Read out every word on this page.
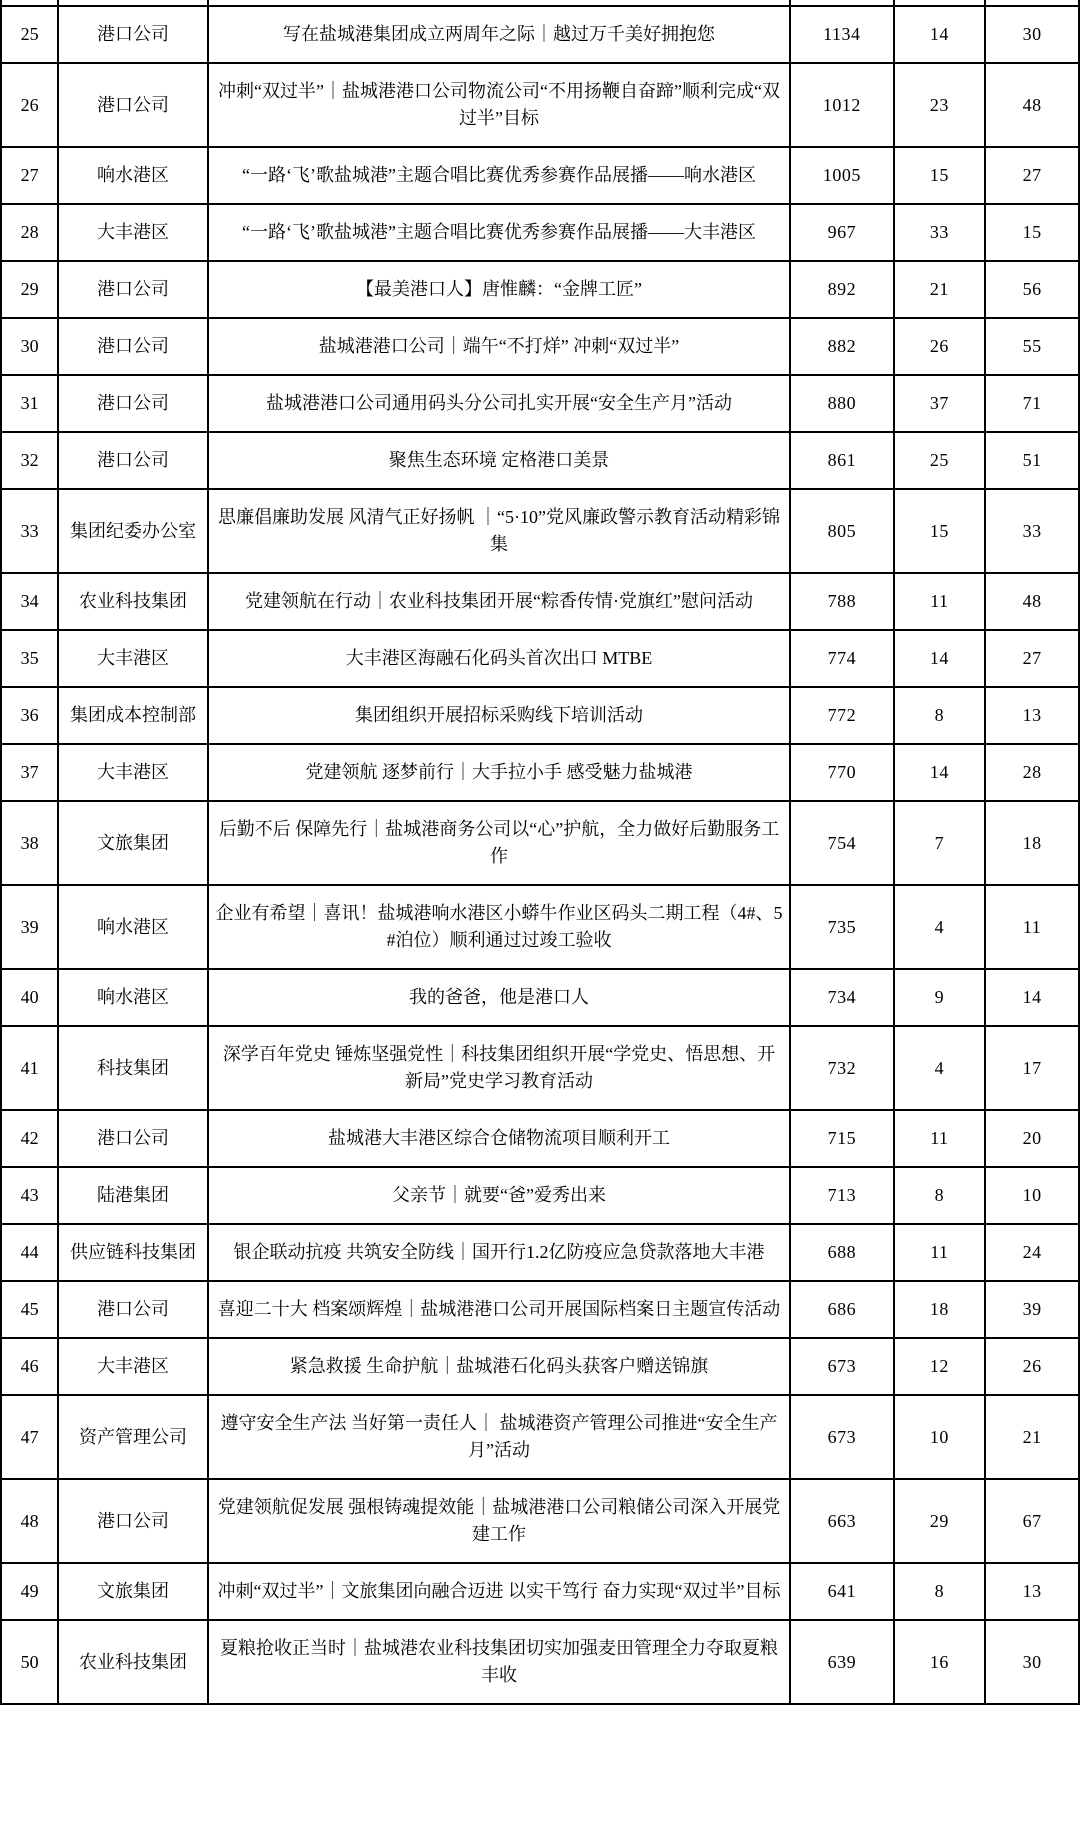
25	港口公司	写在盐城港集团成立两周年之际｜越过万千美好拥抱您	1134	14	30
26	港口公司	冲刺“双过半”｜盐城港港口公司物流公司“不用扬鞭自奋蹄”顺利完成“双过半”目标	1012	23	48
27	响水港区	“一路‘飞’歌盐城港”主题合唱比赛优秀参赛作品展播——响水港区	1005	15	27
28	大丰港区	“一路‘飞’歌盐城港”主题合唱比赛优秀参赛作品展播——大丰港区	967	33	15
29	港口公司	【最美港口人】唐惟麟：“金牌工匠”	892	21	56
30	港口公司	盐城港港口公司｜端午“不打烊” 冲刺“双过半”	882	26	55
31	港口公司	盐城港港口公司通用码头分公司扎实开展“安全生产月”活动	880	37	71
32	港口公司	聚焦生态环境 定格港口美景	861	25	51
33	集团纪委办公室	思廉倡廉助发展 风清气正好扬帆 ｜“5·10”党风廉政警示教育活动精彩锦集	805	15	33
34	农业科技集团	党建领航在行动｜农业科技集团开展“粽香传情·党旗红”慰问活动	788	11	48
35	大丰港区	大丰港区海融石化码头首次出口 MTBE	774	14	27
36	集团成本控制部	集团组织开展招标采购线下培训活动	772	8	13
37	大丰港区	党建领航 逐梦前行｜大手拉小手 感受魅力盐城港	770	14	28
38	文旅集团	后勤不后 保障先行｜盐城港商务公司以“心”护航，全力做好后勤服务工作	754	7	18
39	响水港区	企业有希望｜喜讯！盐城港响水港区小蟒牛作业区码头二期工程（4#、5#泊位）顺利通过过竣工验收	735	4	11
40	响水港区	我的爸爸，他是港口人	734	9	14
41	科技集团	深学百年党史 锤炼坚强党性｜科技集团组织开展“学党史、悟思想、开新局”党史学习教育活动	732	4	17
42	港口公司	盐城港大丰港区综合仓储物流项目顺利开工	715	11	20
43	陆港集团	父亲节｜就要“爸”爱秀出来	713	8	10
44	供应链科技集团	银企联动抗疫 共筑安全防线｜国开行1.2亿防疫应急贷款落地大丰港	688	11	24
45	港口公司	喜迎二十大 档案颂辉煌｜盐城港港口公司开展国际档案日主题宣传活动	686	18	39
46	大丰港区	紧急救援 生命护航｜盐城港石化码头获客户赠送锦旗	673	12	26
47	资产管理公司	遵守安全生产法 当好第一责任人｜ 盐城港资产管理公司推进“安全生产月”活动	673	10	21
48	港口公司	党建领航促发展 强根铸魂提效能｜盐城港港口公司粮储公司深入开展党建工作	663	29	67
49	文旅集团	冲刺“双过半”｜文旅集团向融合迈进 以实干笃行 奋力实现“双过半”目标	641	8	13
50	农业科技集团	夏粮抢收正当时｜盐城港农业科技集团切实加强麦田管理全力夺取夏粮丰收	639	16	30
